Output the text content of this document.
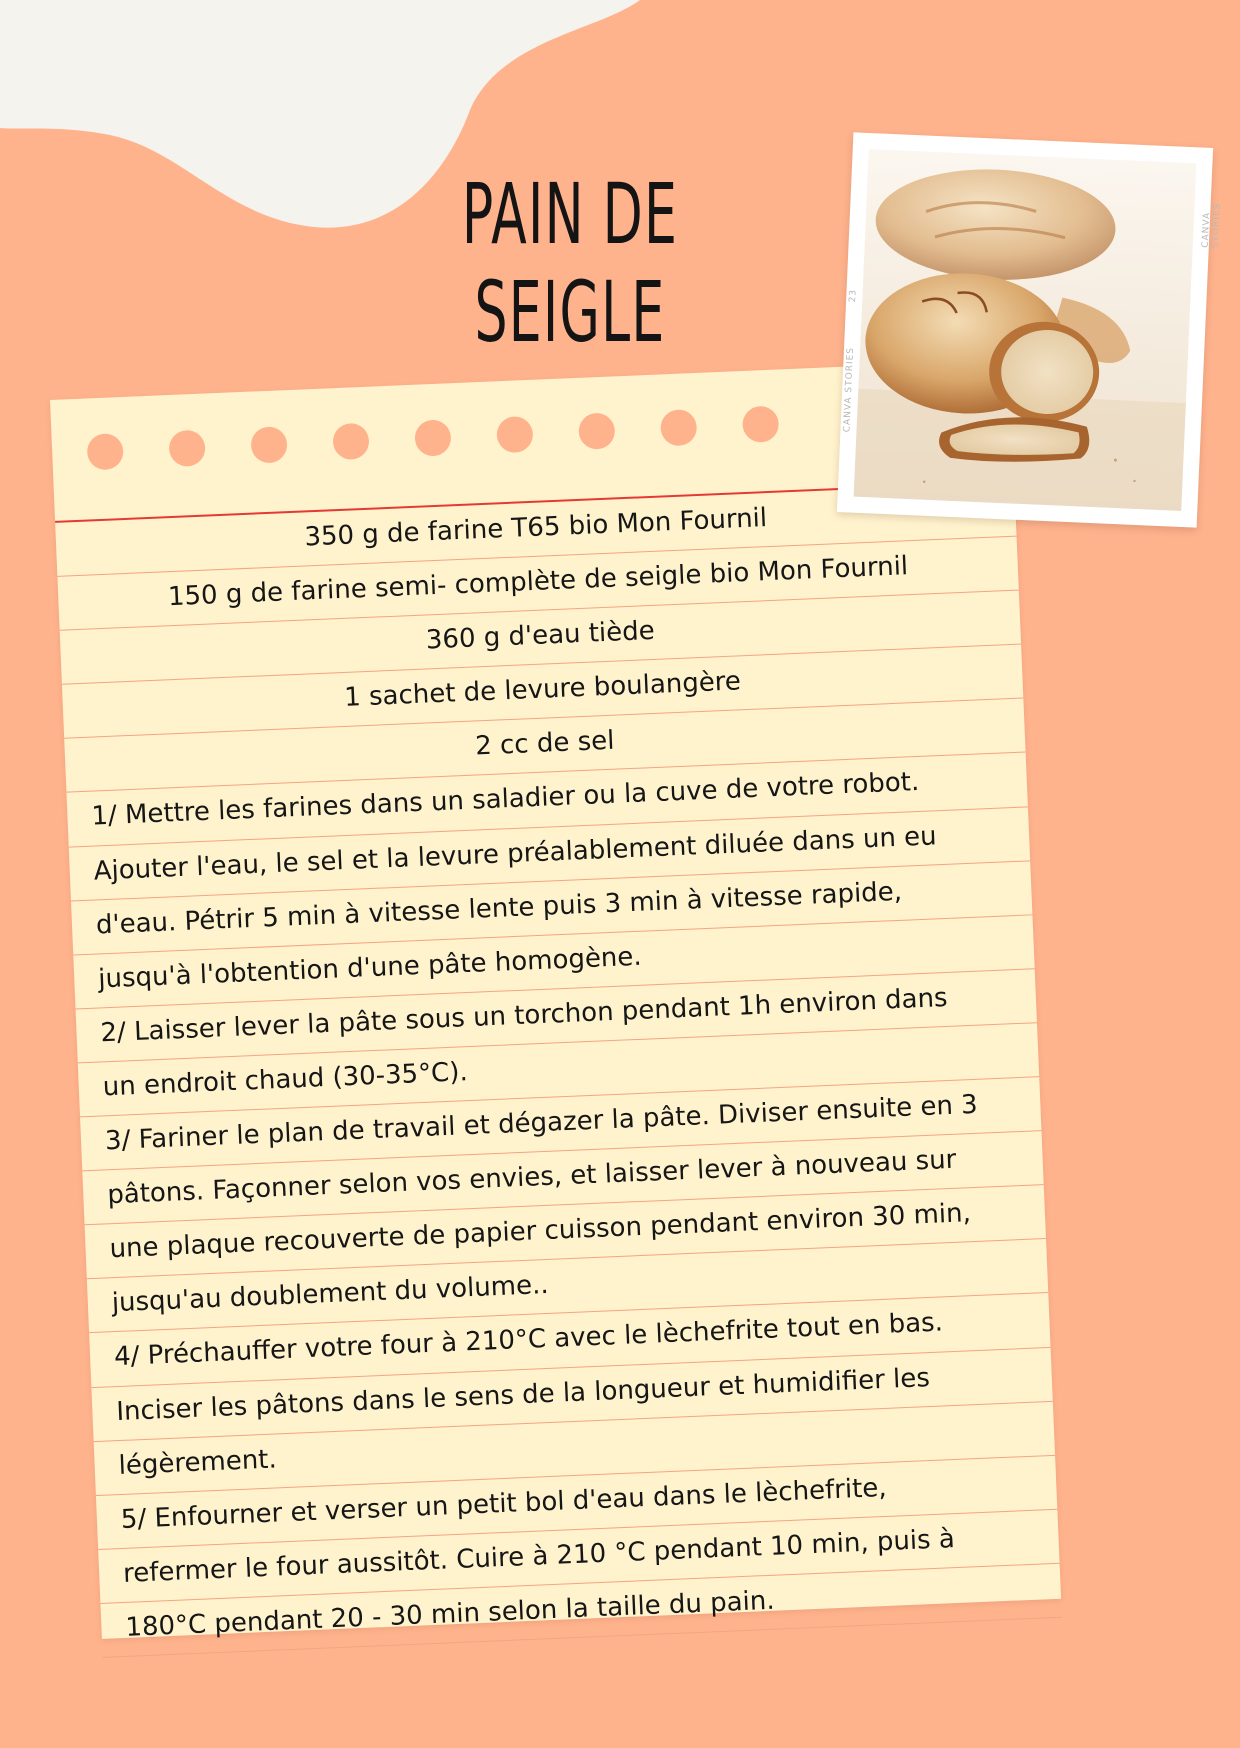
PAIN DE SEIGLE
350 g de farine T65 bio Mon Fournil
150 g de farine semi- complète de seigle bio Mon Fournil
360 g d'eau tiède
1 sachet de levure boulangère
2 cc de sel
1/ Mettre les farines dans un saladier ou la cuve de votre robot.
Ajouter l'eau, le sel et la levure préalablement diluée dans un eu
d'eau. Pétrir 5 min à vitesse lente puis 3 min à vitesse rapide,
jusqu'à l'obtention d'une pâte homogène.
2/ Laisser lever la pâte sous un torchon pendant 1h environ dans
un endroit chaud (30-35°C).
3/ Fariner le plan de travail et dégazer la pâte. Diviser ensuite en 3
pâtons. Façonner selon vos envies, et laisser lever à nouveau sur
une plaque recouverte de papier cuisson pendant environ 30 min,
jusqu'au doublement du volume..
4/ Préchauffer votre four à 210°C avec le lèchefrite tout en bas.
Inciser les pâtons dans le sens de la longueur et humidifier les
légèrement.
5/ Enfourner et verser un petit bol d'eau dans le lèchefrite,
refermer le four aussitôt. Cuire à 210 °C pendant 10 min, puis à
180°C pendant 20 - 30 min selon la taille du pain.
CANVA STORIES
CANVA STORIES
23
